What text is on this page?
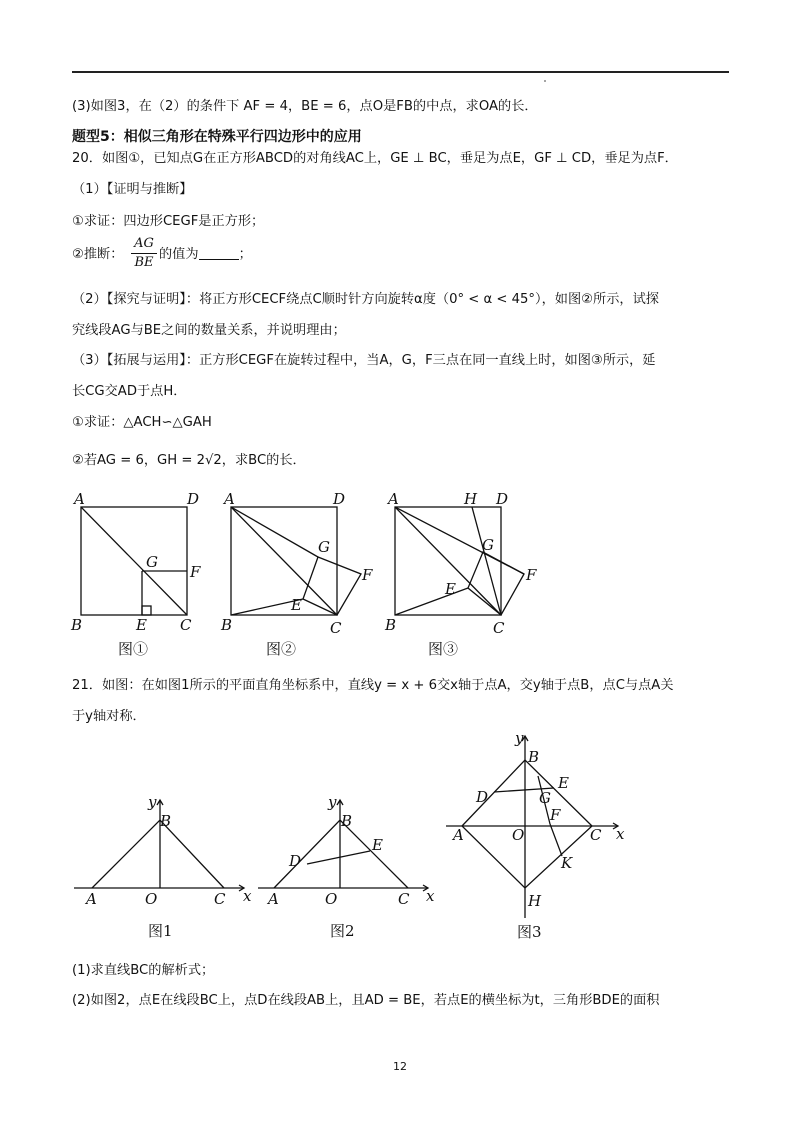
(3)如图3，在（2）的条件下 AF = 4，BE = 6，点O是FB的中点，求OA的长．
题型5：相似三角形在特殊平行四边形中的应用
20．如图①，已知点G在正方形ABCD的对角线AC上，GE ⊥ BC，垂足为点E，GF ⊥ CD，垂足为点F．
（1）【证明与推断】
①求证：四边形CEGF是正方形；
②推断：
AG
BE
的值为	；
（2）【探究与证明】：将正方形CECF绕点C顺时针方向旋转α度（0° < α < 45°），如图②所示，试探
究线段AG与BE之间的数量关系，并说明理由；
（3）【拓展与运用】：正方形CEGF在旋转过程中，当A，G，F三点在同一直线上时，如图③所示，延
长CG交AD于点H．
①求证：△ACH∽△GAH
②若AG = 6，GH = 2√2，求BC的长．
A	D
G
F
B	E C
图①
A	D
G
F
E
B	C
图②
A	H D
G
F
E
B	C
图③
21．如图：在如图1所示的平面直角坐标系中，直线y = x + 6交x轴于点A，交y轴于点B，点C与点A关
于y轴对称．
y
B
A	O	C x
图1
y
B
E
D
A	O	C x
图2
y
B
E
D	G
F
A	O	C x
K
H
图3
(1)求直线BC的解析式；
(2)如图2，点E在线段BC上，点D在线段AB上，且AD = BE，若点E的横坐标为t，三角形BDE的面积
12
